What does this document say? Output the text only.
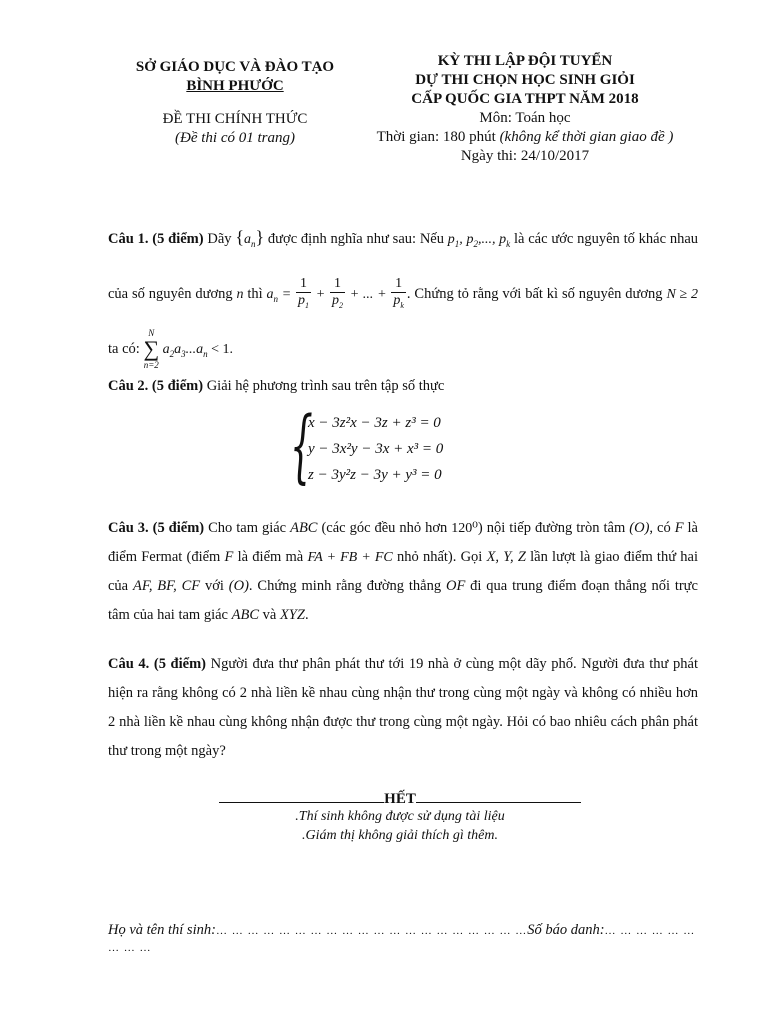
SỞ GIÁO DỤC VÀ ĐÀO TẠO
BÌNH PHƯỚC
ĐỀ THI CHÍNH THỨC
(Đề thi có 01 trang)
KỲ THI LẬP ĐỘI TUYỂN
DỰ THI CHỌN HỌC SINH GIỎI
CẤP QUỐC GIA THPT NĂM 2018
Môn: Toán học
Thời gian: 180 phút (không kể thời gian giao đề )
Ngày thi: 24/10/2017
Câu 1. (5 điểm) Dãy $\{a_n\}$ được định nghĩa như sau: Nếu $p_1$, $p_2$,..., $p_k$ là các ước nguyên tố khác nhau của số nguyên dương n thì $a_n = \frac{1}{p_1} + \frac{1}{p_2}$ + ... + $\frac{1}{p_k}$ . Chứng tỏ rằng với bất kì số nguyên dương N ≥ 2 ta có:
N
∑
n=2
$a_2a_3...a_n < 1$.
Câu 2. (5 điểm) Giải hệ phương trình sau trên tập số thực
{
x − 3z²x − 3z + z³ = 0
y − 3x²y − 3x + x³ = 0
z − 3y²z − 3y + y³ = 0
Câu 3. (5 điểm) Cho tam giác ABC (các góc đều nhỏ hơn 120⁰) nội tiếp đường tròn tâm (O), có F là điểm Fermat (điểm F là điểm mà FA + FB + FC nhỏ nhất). Gọi X, Y, Z lần lượt là giao điểm thứ hai của AF, BF, CF với (O). Chứng minh rằng đường thẳng OF đi qua trung điểm đoạn thẳng nối trực tâm của hai tam giác ABC và XYZ.
Câu 4. (5 điểm) Người đưa thư phân phát thư tới 19 nhà ở cùng một dãy phố. Người đưa thư phát hiện ra rằng không có 2 nhà liền kề nhau cùng nhận thư trong cùng một ngày và không có nhiều hơn 2 nhà liền kề nhau cùng không nhận được thư trong cùng một ngày. Hỏi có bao nhiêu cách phân phát thư trong một ngày?
HẾT
.Thí sinh không được sử dụng tài liệu
.Giám thị không giải thích gì thêm.
Họ và tên thí sinh:… … … … … … … … … … … … … … … … … … … …Số báo danh:… … … … … … … … …
